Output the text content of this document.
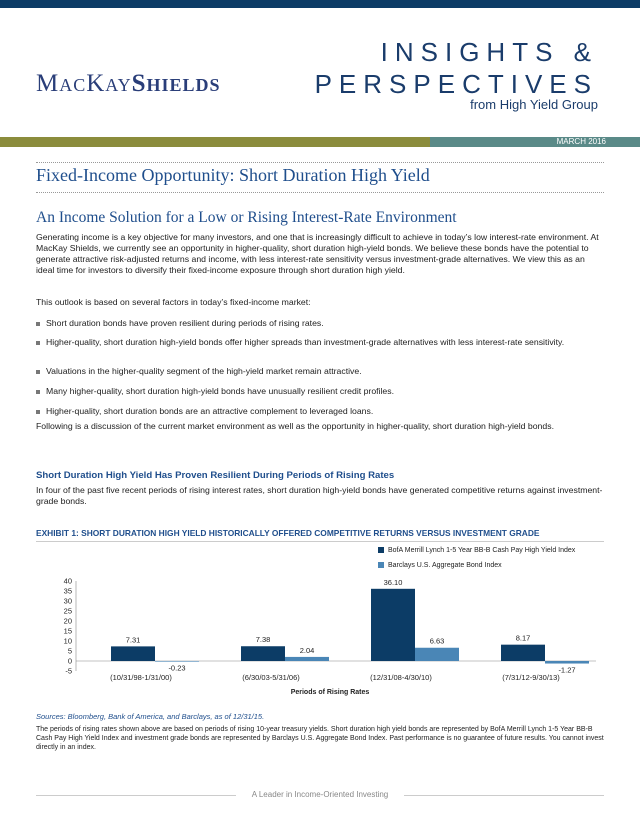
MacKayShields
INSIGHTS &
PERSPECTIVES
from High Yield Group
MARCH 2016
Fixed-Income Opportunity: Short Duration High Yield
An Income Solution for a Low or Rising Interest-Rate Environment
Generating income is a key objective for many investors, and one that is increasingly difficult to achieve in today’s low interest-rate environment. At MacKay Shields, we currently see an opportunity in higher-quality, short duration high-yield bonds. We believe these bonds have the potential to generate attractive risk-adjusted returns and income, with less interest-rate sensitivity versus investment-grade alternatives. We view this as an ideal time for investors to diversify their fixed-income exposure through short duration high yield.
This outlook is based on several factors in today’s fixed-income market:
Short duration bonds have proven resilient during periods of rising rates.
Higher-quality, short duration high-yield bonds offer higher spreads than investment-grade alternatives with less interest-rate sensitivity.
Valuations in the higher-quality segment of the high-yield market remain attractive.
Many higher-quality, short duration high-yield bonds have unusually resilient credit profiles.
Higher-quality, short duration bonds are an attractive complement to leveraged loans.
Following is a discussion of the current market environment as well as the opportunity in higher-quality, short duration high-yield bonds.
Short Duration High Yield Has Proven Resilient During Periods of Rising Rates
In four of the past five recent periods of rising interest rates, short duration high-yield bonds have generated competitive returns against investment-grade bonds.
EXHIBIT 1: SHORT DURATION HIGH YIELD HISTORICALLY OFFERED COMPETITIVE RETURNS VERSUS INVESTMENT GRADE
BofA Merrill Lynch 1-5 Year BB-B Cash Pay High Yield Index
Barclays U.S. Aggregate Bond Index
40
35
30
25
20
15
10
5
0
-5
7.31
-0.23
7.38
2.04
36.10
6.63	8.17
-1.27
(10/31/98-1/31/00)	(6/30/03-5/31/06)	(12/31/08-4/30/10)	(7/31/12-9/30/13)
Periods of Rising Rates
Sources: Bloomberg, Bank of America, and Barclays, as of 12/31/15.
The periods of rising rates shown above are based on periods of rising 10-year treasury yields. Short duration high yield bonds are represented by BofA Merrill Lynch 1-5 Year BB-B Cash Pay High Yield Index and investment grade bonds are represented by Barclays U.S. Aggregate Bond Index. Past performance is no guarantee of future results. You cannot invest directly in an index.
A Leader in Income-Oriented Investing
